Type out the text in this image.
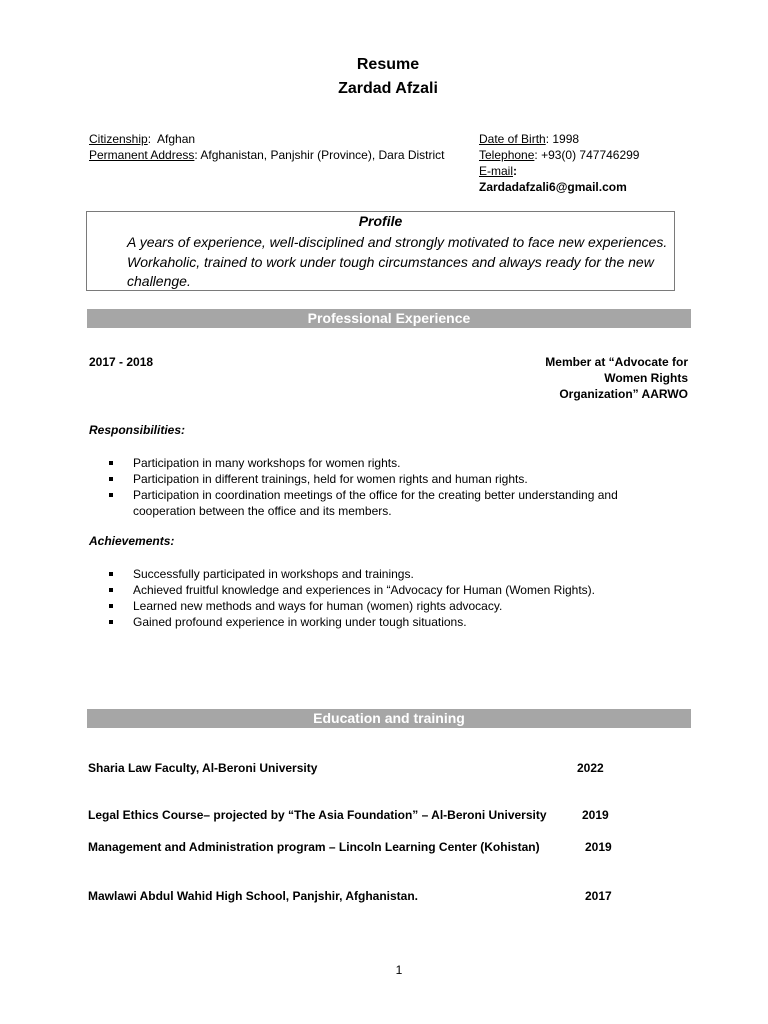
Resume
Zardad Afzali
Citizenship:  Afghan
Permanent Address: Afghanistan, Panjshir (Province), Dara District
Date of Birth: 1998
Telephone: +93(0) 747746299
E-mail:
Zardadafzali6@gmail.com
Profile
A years of experience, well-disciplined and strongly motivated to face new experiences. Workaholic, trained to work under tough circumstances and always ready for the new challenge.
Professional Experience
2017 - 2018	Member at “Advocate for
Women Rights
Organization” AARWO
Responsibilities:
Participation in many workshops for women rights.
Participation in different trainings, held for women rights and human rights.
Participation in coordination meetings of the office for the creating better understanding and cooperation between the office and its members.
Achievements:
Successfully participated in workshops and trainings.
Achieved fruitful knowledge and experiences in “Advocacy for Human (Women Rights).
Learned new methods and ways for human (women) rights advocacy.
Gained profound experience in working under tough situations.
Education and training
Sharia Law Faculty, Al-Beroni University	2022
Legal Ethics Course– projected by “The Asia Foundation” – Al-Beroni University	2019
Management and Administration program – Lincoln Learning Center (Kohistan)	2019
Mawlawi Abdul Wahid High School, Panjshir, Afghanistan.	2017
1
